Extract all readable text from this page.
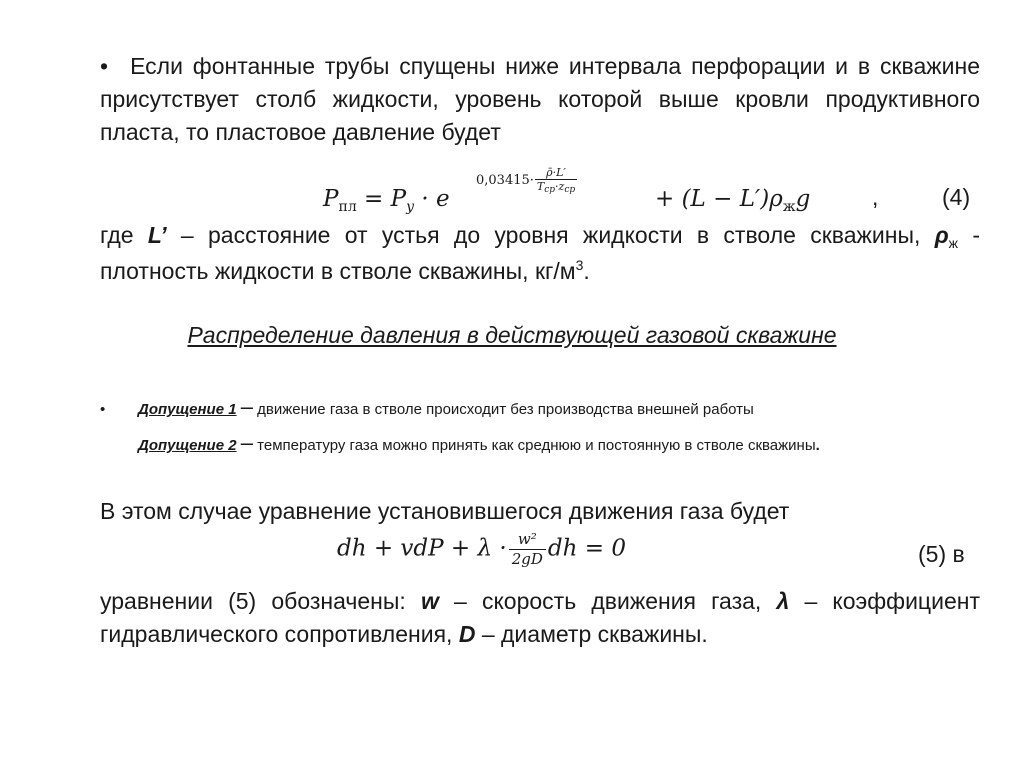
• Если фонтанные трубы спущены ниже интервала перфорации и в скважине присутствует столб жидкости, уровень которой выше кровли продуктивного пласта, то пластовое давление будет
$P_{пл} = P_y \cdot e$
$0,03415\cdot \frac{\rhō\cdot L'}{\text{Tcp·zcp}}$
+ $(L - L')\rho_жg$	,	(4)
где L’ – расстояние от устья до уровня жидкости в стволе скважины, $\rho_ж$ - плотность жидкости в стволе скважины, $кг/м^3$.
Распределение давления в действующей газовой скважине
• Допущение 1 – движение газа в стволе происходит без производства внешней работы
Допущение 2 – температуру газа можно принять как среднюю и постоянную в стволе скважины.
В этом случае уравнение установившегося движения газа будет
dh + vdP + $\lambda \cdot \frac{\text{w²}}{2gD}$ dh = 0	(5) в
уравнении (5) обозначены: w – скорость движения газа, λ – коэффициент гидравлического сопротивления, D – диаметр скважины.
